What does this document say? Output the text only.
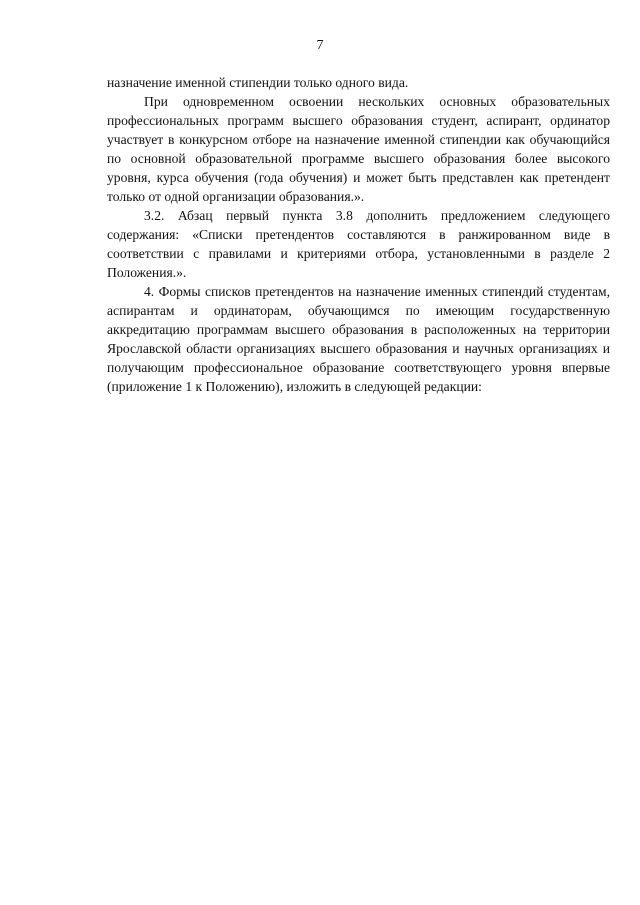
7

назначение именной стипендии только одного вида.

При одновременном освоении нескольких основных образовательных профессиональных программ высшего образования студент, аспирант, ординатор участвует в конкурсном отборе на назначение именной стипендии как обучающийся по основной образовательной программе высшего образования более высокого уровня, курса обучения (года обучения) и может быть представлен как претендент только от одной организации образования.».

3.2. Абзац первый пункта 3.8 дополнить предложением следующего содержания: «Списки претендентов составляются в ранжированном виде в соответствии с правилами и критериями отбора, установленными в разделе 2 Положения.».

4. Формы списков претендентов на назначение именных стипендий студентам, аспирантам и ординаторам, обучающимся по имеющим государственную аккредитацию программам высшего образования в расположенных на территории Ярославской области организациях высшего образования и научных организациях и получающим профессиональное образование соответствующего уровня впервые (приложение 1 к Положению), изложить в следующей редакции:
